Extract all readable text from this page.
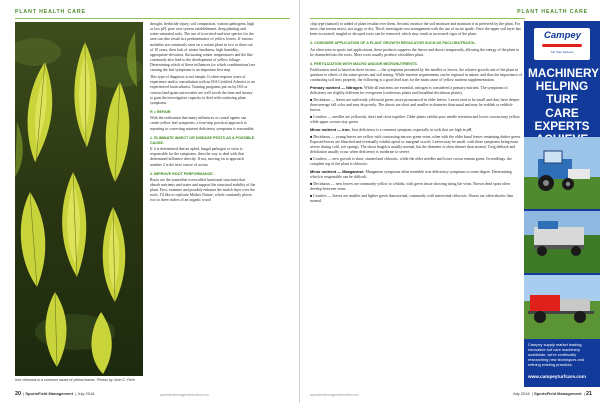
PLANT HEALTH CARE
Iron chlorosis is a common cause of yellow leaves. Photos by John C. Fech

drought, herbicide injury, soil compaction, various pathogens, high or low pH, poor root system establishment, deep planting and water-saturated soils. The use of iron-tried-and-true species for the area can also result in a predominance of yellow leaves. If various maladies are commonly seen on a certain plant in two or three out of 10 years, then lack of winter hardiness, high humidity, appropriate elevation, fluctuating winter temperatures and the like commonly also lead to the development of yellow foliage. Determining which of these influences (or which combinations) are causing the leaf symptoms is an important first step.

This type of diagnosis is not simple. It often requires years of experience and/or consultation with an ISA Certified Arborist or an experienced horticulturist. Training programs put on by ISA or various land-grant universities are well worth the time and money to gain the investigative capacity to deal with confusing plant symptoms.

R = REPAIR

With the realization that many influences or causal agents can create yellow leaf symptoms, a four-step practical approach to repairing or correcting nutrient deficiency symptoms is reasonable.

1. ELIMINATE INSECT OR DISEASE PESTS AS A POSSIBLE CAUSE.

If it is determined that an aphid, fungal pathogen or virus is responsible for the symptoms, then the way to deal with that determined influence directly. If not, moving on to approach number 2 is the next course of action.

2. IMPROVE ROOT PERFORMANCE.

Roots are the somewhat overwalled functional structures that absorb nutrients and water and support the structural stability of the plant. First, examine and possibly enhance the mulch layer over the roots. I'd like to replicate Mother Nature, which constantly places two to three inches of an organic wood

20  | SportsField Management  | July 2016	sportsfieldmanagementonline.com
PLANT HEALTH CARE

chip type (natural) or added of plant residue over them. Second, monitor the soil moisture and maintain it as preferred by the plant. For most, that means moist, not soggy or dry. Third, investigate root arrangement with the use of an air spade. Once the upper soil layer has been excavated, tangled or decayed roots can be removed, which may result in increased vigor of the plant.

3. CONSIDER APPLICATION OF A PLANT GROWTH REGULATOR SUCH AS PACLOBUTRAZOL.

An often seen in sports turf applications, these products suppress the leaves and shoots temporarily, allowing the energy of the plant to be channeled into the roots. More roots usually produce a healthier plant.

4. FERTILIZATION WITH MACRO AND/OR MICRONUTRIENTS.

Fertilization used is based on three factors — the symptoms presented by the needles or leaves, the relative growth rate of the plant in question to others of the same species and soil testing. While nutrient requirements can be regional in nature, and thus the importance of conducting soil tests properly, the following is a good lead start for the main cause of yellow nutrient supplementation.

Primary nutrient — Nitrogen. While all nutrients are essential, nitrogen is considered a primary nutrient. The symptoms of deficiency are slightly different for evergreens (coniferous plants and broadleaf deciduous plants).

■ Deciduous — leaves are uniformly yellowish green, more pronounced in older leaves. Leaves tend to be small and thin, have deeper than-average fall color and may drop early. The shoots are short and smaller in diameter than usual and may be reddish or reddish-brown.

■ Conifers — needles are yellowish, short and close together. Older plants exhibit poor needle retention and lower crowns may yellow, while upper crowns stay green.

Minor nutrient — Iron. Iron deficiency is a common symptom, especially in soils that are high in pH.

■ Deciduous — young leaves are yellow with contrasting narrow green veins, often with the older basal leaves remaining darker green. Exposed leaves are bleached and eventually exhibit apical or marginal scorch. Leaves may be small, with these symptoms being most severe during cold, wet springs. The shoot length is usually normal, but the diameter is often thinner than normal. Twig dieback and defoliation usually occur when deficiency is moderate to severe.

■ Conifers — new growth is short, stunted and chlorotic, while the older needles and lower crown remain green. In seedlings, the complete top of the plant is chlorotic.

Minor nutrient — Manganese. Manganese symptoms often resemble iron deficiency symptoms to some degree. Determining which is responsible can be difficult.

■ Deciduous — new leaves are commonly yellow to whitish, with green tissue showing along the veins. Brown dead spots often develop between veins.

■ Conifers — leaves are smaller and lighter green than normal, commonly with interveinal chlorosis. Shoots are often shorter than normal.

sportsfieldmanagementonline.com	July 2016  | SportsField Management  | 21
Campey
Turf Care Systems
MACHINERY HELPING TURF CARE EXPERTS
Campey supply market leading, innovative turf care machinery worldwide, we're continually researching new techniques and refining existing practices.
www.campeyturfcare.com
